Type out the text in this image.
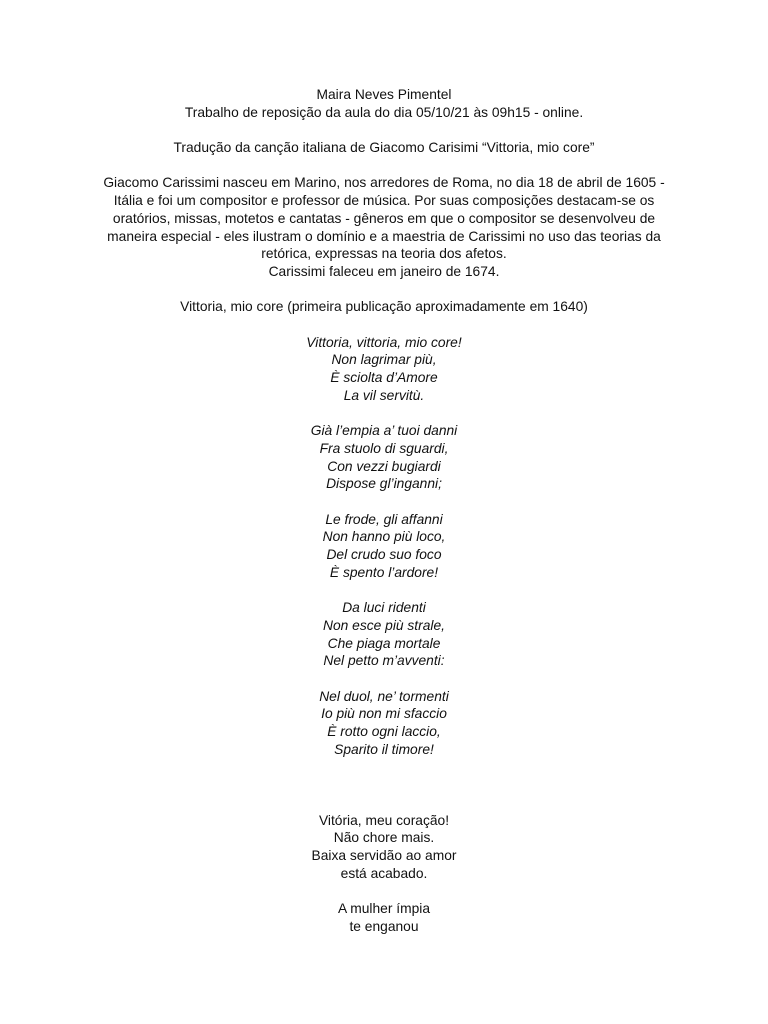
Maira Neves Pimentel
Trabalho de reposição da aula do dia 05/10/21 às 09h15 - online.
Tradução da canção italiana de Giacomo Carisimi “Vittoria, mio core”
Giacomo Carissimi nasceu em Marino, nos arredores de Roma, no dia 18 de abril de 1605 -
Itália e foi um compositor e professor de música. Por suas composições destacam-se os
oratórios, missas, motetos e cantatas - gêneros em que o compositor se desenvolveu de
maneira especial - eles ilustram o domínio e a maestria de Carissimi no uso das teorias da
retórica, expressas na teoria dos afetos.
Carissimi faleceu em janeiro de 1674.
Vittoria, mio core (primeira publicação aproximadamente em 1640)
Vittoria, vittoria, mio core!
Non lagrimar più,
È sciolta d’Amore
La vil servitù.
Già l’empia a’ tuoi danni
Fra stuolo di sguardi,
Con vezzi bugiardi
Dispose gl’inganni;
Le frode, gli affanni
Non hanno più loco,
Del crudo suo foco
È spento l’ardore!
Da luci ridenti
Non esce più strale,
Che piaga mortale
Nel petto m’avventi:
Nel duol, ne’ tormenti
Io più non mi sfaccio
È rotto ogni laccio,
Sparito il timore!
Vitória, meu coração!
Não chore mais.
Baixa servidão ao amor
está acabado.
A mulher ímpia
te enganou
